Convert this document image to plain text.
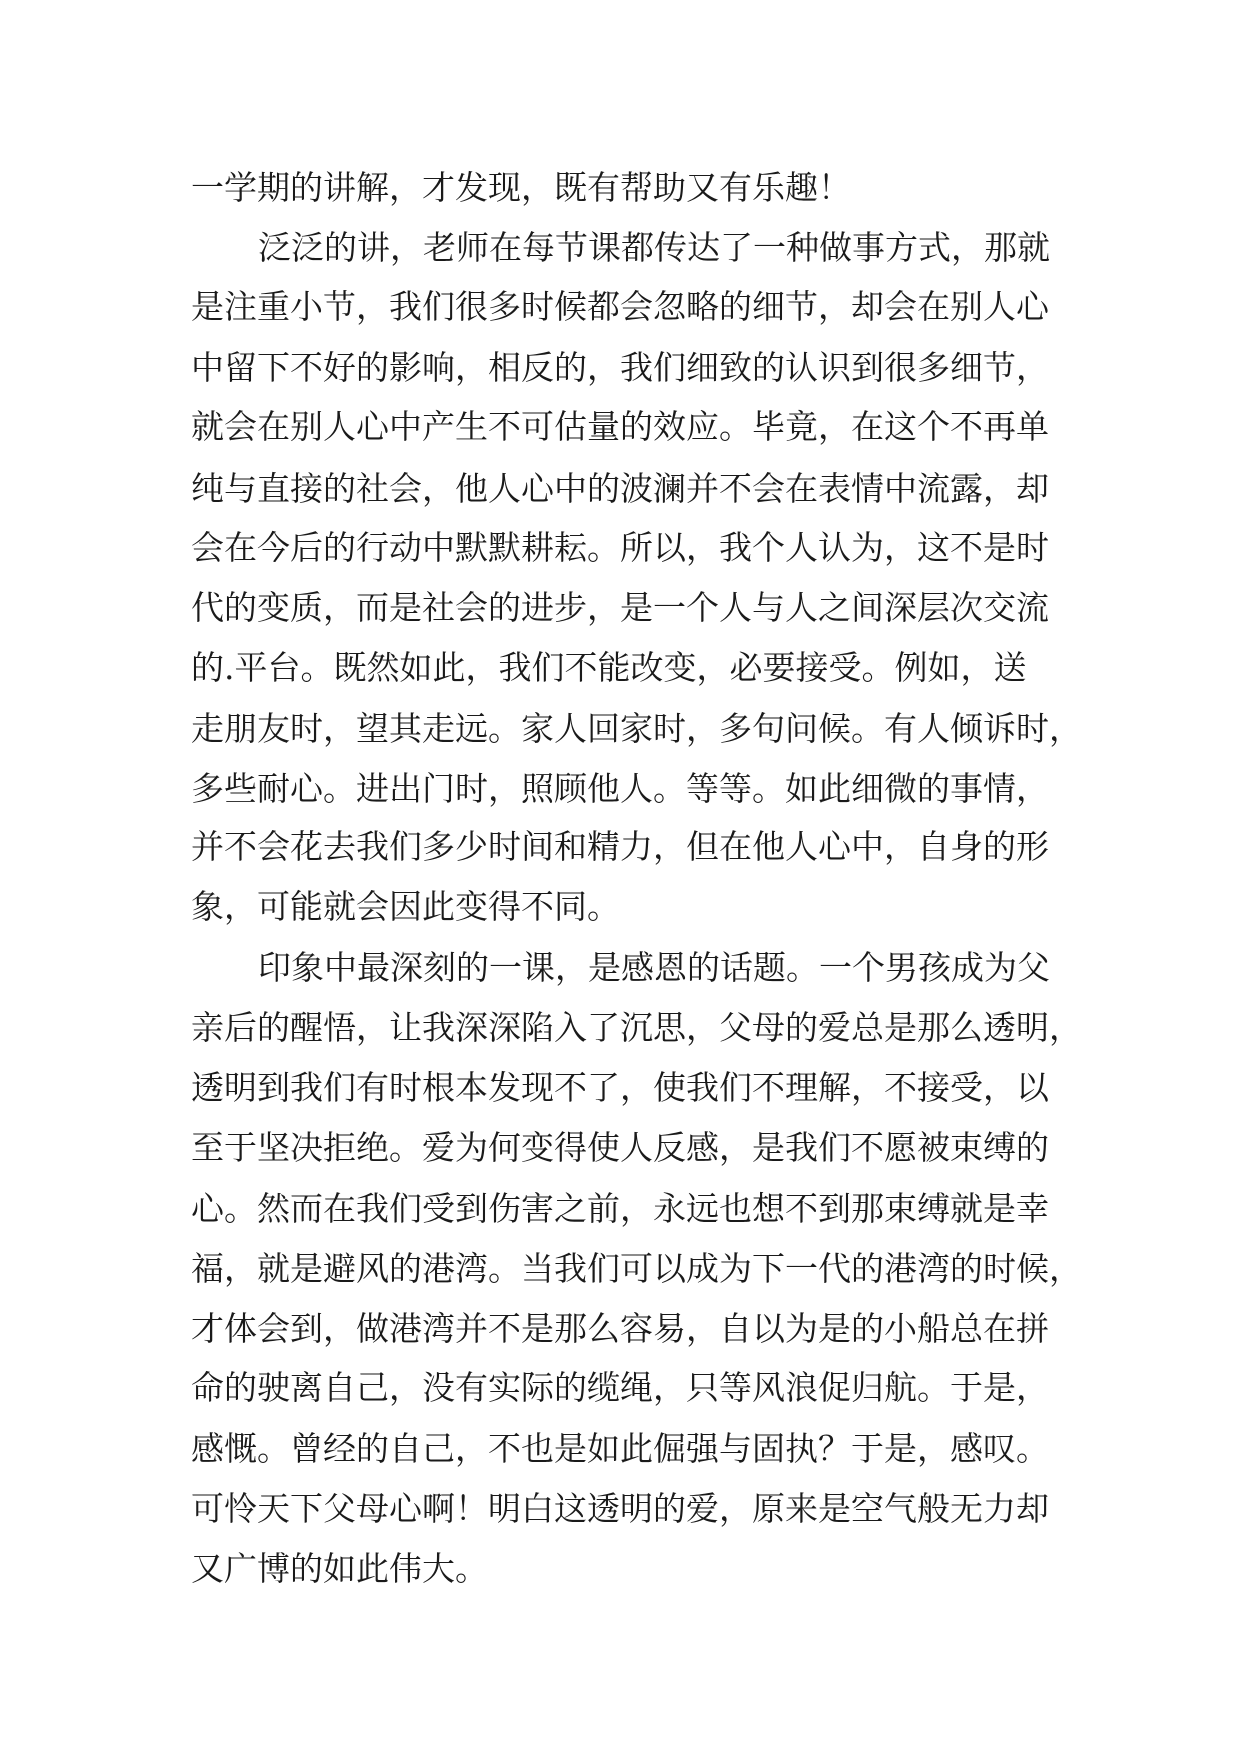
一学期的讲解，才发现，既有帮助又有乐趣！
泛泛的讲，老师在每节课都传达了一种做事方式，那就
是注重小节，我们很多时候都会忽略的细节，却会在别人心
中留下不好的影响，相反的，我们细致的认识到很多细节，
就会在别人心中产生不可估量的效应。毕竟，在这个不再单
纯与直接的社会，他人心中的波澜并不会在表情中流露，却
会在今后的行动中默默耕耘。所以，我个人认为，这不是时
代的变质，而是社会的进步，是一个人与人之间深层次交流
的.平台。既然如此，我们不能改变，必要接受。例如，送
走朋友时，望其走远。家人回家时，多句问候。有人倾诉时，
多些耐心。进出门时，照顾他人。等等。如此细微的事情，
并不会花去我们多少时间和精力，但在他人心中，自身的形
象，可能就会因此变得不同。
印象中最深刻的一课，是感恩的话题。一个男孩成为父
亲后的醒悟，让我深深陷入了沉思，父母的爱总是那么透明，
透明到我们有时根本发现不了，使我们不理解，不接受，以
至于坚决拒绝。爱为何变得使人反感，是我们不愿被束缚的
心。然而在我们受到伤害之前，永远也想不到那束缚就是幸
福，就是避风的港湾。当我们可以成为下一代的港湾的时候，
才体会到，做港湾并不是那么容易，自以为是的小船总在拼
命的驶离自己，没有实际的缆绳，只等风浪促归航。于是，
感慨。曾经的自己，不也是如此倔强与固执？于是，感叹。
可怜天下父母心啊！明白这透明的爱，原来是空气般无力却
又广博的如此伟大。
